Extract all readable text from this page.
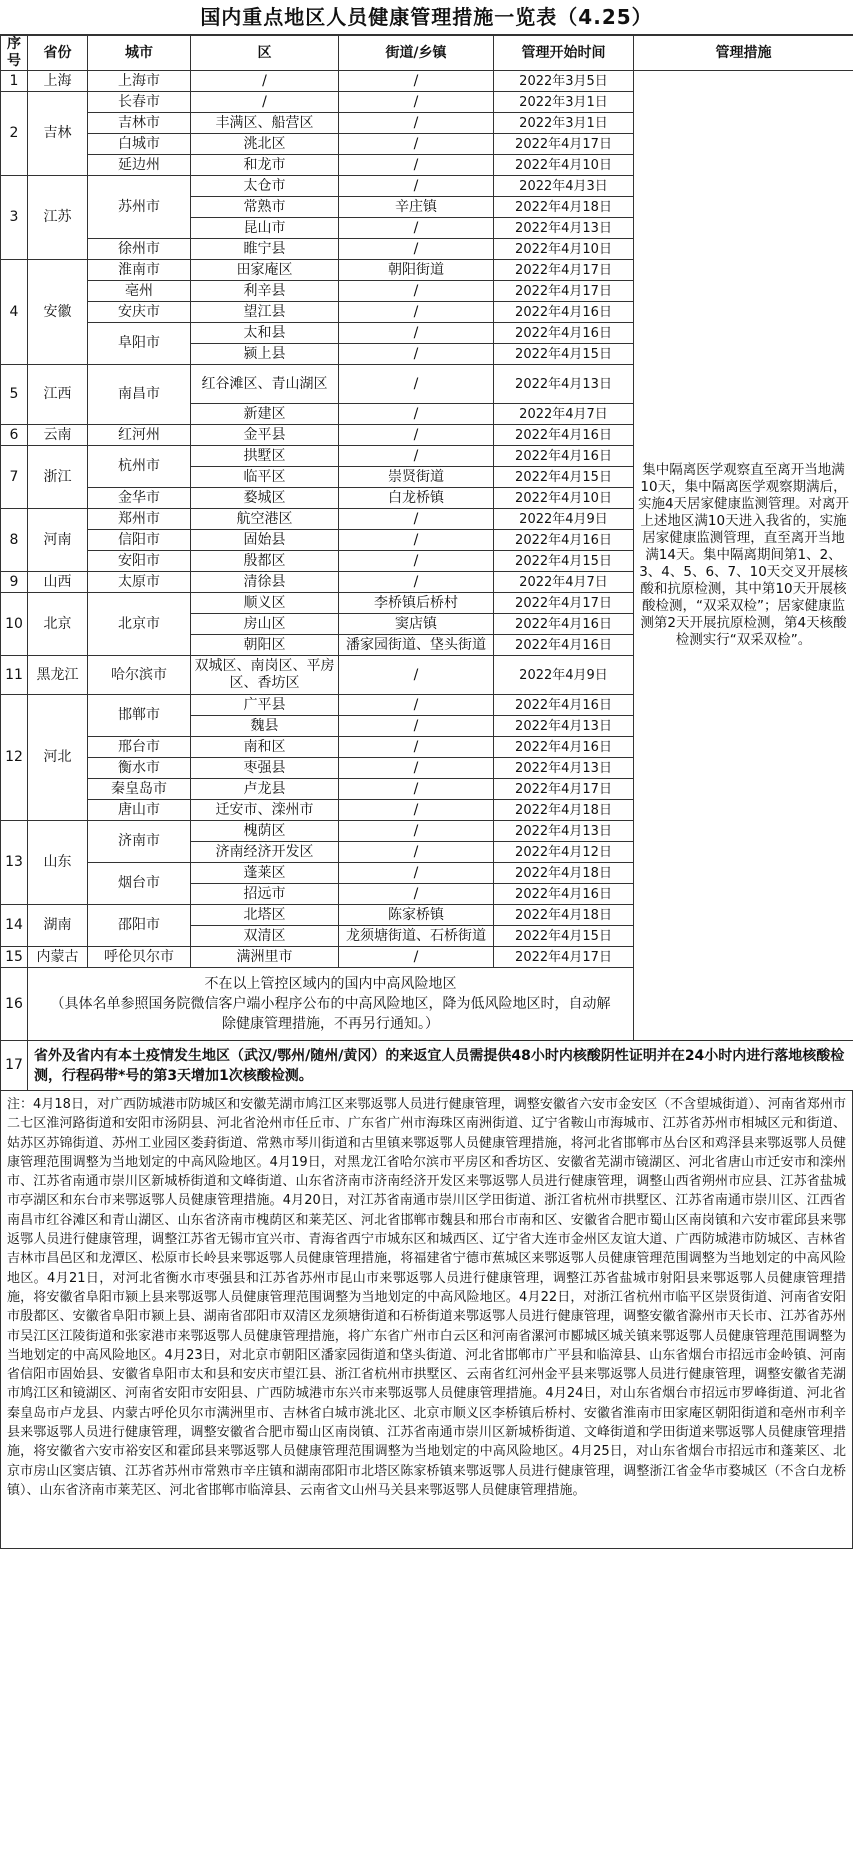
国内重点地区人员健康管理措施一览表（4.25）
序号	省份	城市	区	街道/乡镇	管理开始时间	管理措施
1	上海	上海市	/	/	2022年3月5日	集中隔离医学观察直至离开当地满10天，集中隔离医学观察期满后，实施4天居家健康监测管理。对离开上述地区满10天进入我省的，实施居家健康监测管理，直至离开当地满14天。集中隔离期间第1、2、3、4、5、6、7、10天交叉开展核酸和抗原检测，其中第10天开展核酸检测，“双采双检”；居家健康监测第2天开展抗原检测，第4天核酸检测实行“双采双检”。
2	吉林	长春市	/	/	2022年3月1日	
		吉林市	丰满区、船营区	/	2022年3月1日	
		白城市	洮北区	/	2022年4月17日	
		延边州	和龙市	/	2022年4月10日	
3	江苏	苏州市	太仓市	/	2022年4月3日	
			常熟市	辛庄镇	2022年4月18日	
			昆山市	/	2022年4月13日	
		徐州市	睢宁县	/	2022年4月10日	
4	安徽	淮南市	田家庵区	朝阳街道	2022年4月17日	
		亳州	利辛县	/	2022年4月17日	
		安庆市	望江县	/	2022年4月16日	
		阜阳市	太和县	/	2022年4月16日	
			颍上县	/	2022年4月15日	
5	江西	南昌市	红谷滩区、青山湖区	/	2022年4月13日	
			新建区	/	2022年4月7日	
6	云南	红河州	金平县	/	2022年4月16日	
7	浙江	杭州市	拱墅区	/	2022年4月16日	
			临平区	崇贤街道	2022年4月15日	
		金华市	婺城区	白龙桥镇	2022年4月10日	
8	河南	郑州市	航空港区	/	2022年4月9日	
		信阳市	固始县	/	2022年4月16日	
		安阳市	殷都区	/	2022年4月15日	
9	山西	太原市	清徐县	/	2022年4月7日	
10	北京	北京市	顺义区	李桥镇后桥村	2022年4月17日	
			房山区	窦店镇	2022年4月16日	
			朝阳区	潘家园街道、垡头街道	2022年4月16日	
11	黑龙江	哈尔滨市	双城区、南岗区、平房区、香坊区	/	2022年4月9日	
12	河北	邯郸市	广平县	/	2022年4月16日	
			魏县	/	2022年4月13日	
		邢台市	南和区	/	2022年4月16日	
		衡水市	枣强县	/	2022年4月13日	
		秦皇岛市	卢龙县	/	2022年4月17日	
		唐山市	迁安市、滦州市	/	2022年4月18日	
13	山东	济南市	槐荫区	/	2022年4月13日	
			济南经济开发区	/	2022年4月12日	
		烟台市	蓬莱区	/	2022年4月18日	
			招远市	/	2022年4月16日	
14	湖南	邵阳市	北塔区	陈家桥镇	2022年4月18日	
			双清区	龙须塘街道、石桥街道	2022年4月15日	
15	内蒙古	呼伦贝尔市	满洲里市	/	2022年4月17日	
16	不在以上管控区域内的国内中高风险地区
（具体名单参照国务院微信客户端小程序公布的中高风险地区，降为低风险地区时，自动解除健康管理措施，不再另行通知。）					

17	省外及省内有本土疫情发生地区（武汉/鄂州/随州/黄冈）的来返宜人员需提供48小时内核酸阴性证明并在24小时内进行落地核酸检测，行程码带*号的第3天增加1次核酸检测。					
注：4月18日，对广西防城港市防城区和安徽芜湖市鸠江区来鄂返鄂人员进行健康管理，调整安徽省六安市金安区（不含望城街道）、河南省郑州市二七区淮河路街道和安阳市汤阴县、河北省沧州市任丘市、广东省广州市海珠区南洲街道、辽宁省鞍山市海城市、江苏省苏州市相城区元和街道、姑苏区苏锦街道、苏州工业园区娄葑街道、常熟市琴川街道和古里镇来鄂返鄂人员健康管理措施，将河北省邯郸市丛台区和鸡泽县来鄂返鄂人员健康管理范围调整为当地划定的中高风险地区。4月19日，对黑龙江省哈尔滨市平房区和香坊区、安徽省芜湖市镜湖区、河北省唐山市迁安市和滦州市、江苏省南通市崇川区新城桥街道和文峰街道、山东省济南市济南经济开发区来鄂返鄂人员进行健康管理，调整山西省朔州市应县、江苏省盐城市亭湖区和东台市来鄂返鄂人员健康管理措施。4月20日，对江苏省南通市崇川区学田街道、浙江省杭州市拱墅区、江苏省南通市崇川区、江西省南昌市红谷滩区和青山湖区、山东省济南市槐荫区和莱芜区、河北省邯郸市魏县和邢台市南和区、安徽省合肥市蜀山区南岗镇和六安市霍邱县来鄂返鄂人员进行健康管理，调整江苏省无锡市宜兴市、青海省西宁市城东区和城西区、辽宁省大连市金州区友谊大道、广西防城港市防城区、吉林省吉林市昌邑区和龙潭区、松原市长岭县来鄂返鄂人员健康管理措施，将福建省宁德市蕉城区来鄂返鄂人员健康管理范围调整为当地划定的中高风险地区。4月21日，对河北省衡水市枣强县和江苏省苏州市昆山市来鄂返鄂人员进行健康管理，调整江苏省盐城市射阳县来鄂返鄂人员健康管理措施，将安徽省阜阳市颍上县来鄂返鄂人员健康管理范围调整为当地划定的中高风险地区。4月22日，对浙江省杭州市临平区崇贤街道、河南省安阳市殷都区、安徽省阜阳市颍上县、湖南省邵阳市双清区龙须塘街道和石桥街道来鄂返鄂人员进行健康管理，调整安徽省滁州市天长市、江苏省苏州市吴江区江陵街道和张家港市来鄂返鄂人员健康管理措施，将广东省广州市白云区和河南省漯河市郾城区城关镇来鄂返鄂人员健康管理范围调整为当地划定的中高风险地区。4月23日，对北京市朝阳区潘家园街道和垡头街道、河北省邯郸市广平县和临漳县、山东省烟台市招远市金岭镇、河南省信阳市固始县、安徽省阜阳市太和县和安庆市望江县、浙江省杭州市拱墅区、云南省红河州金平县来鄂返鄂人员进行健康管理，调整安徽省芜湖市鸠江区和镜湖区、河南省安阳市安阳县、广西防城港市东兴市来鄂返鄂人员健康管理措施。4月24日，对山东省烟台市招远市罗峰街道、河北省秦皇岛市卢龙县、内蒙古呼伦贝尔市满洲里市、吉林省白城市洮北区、北京市顺义区李桥镇后桥村、安徽省淮南市田家庵区朝阳街道和亳州市利辛县来鄂返鄂人员进行健康管理，调整安徽省合肥市蜀山区南岗镇、江苏省南通市崇川区新城桥街道、文峰街道和学田街道来鄂返鄂人员健康管理措施，将安徽省六安市裕安区和霍邱县来鄂返鄂人员健康管理范围调整为当地划定的中高风险地区。4月25日，对山东省烟台市招远市和蓬莱区、北京市房山区窦店镇、江苏省苏州市常熟市辛庄镇和湖南邵阳市北塔区陈家桥镇来鄂返鄂人员进行健康管理，调整浙江省金华市婺城区（不含白龙桥镇）、山东省济南市莱芜区、河北省邯郸市临漳县、云南省文山州马关县来鄂返鄂人员健康管理措施。
